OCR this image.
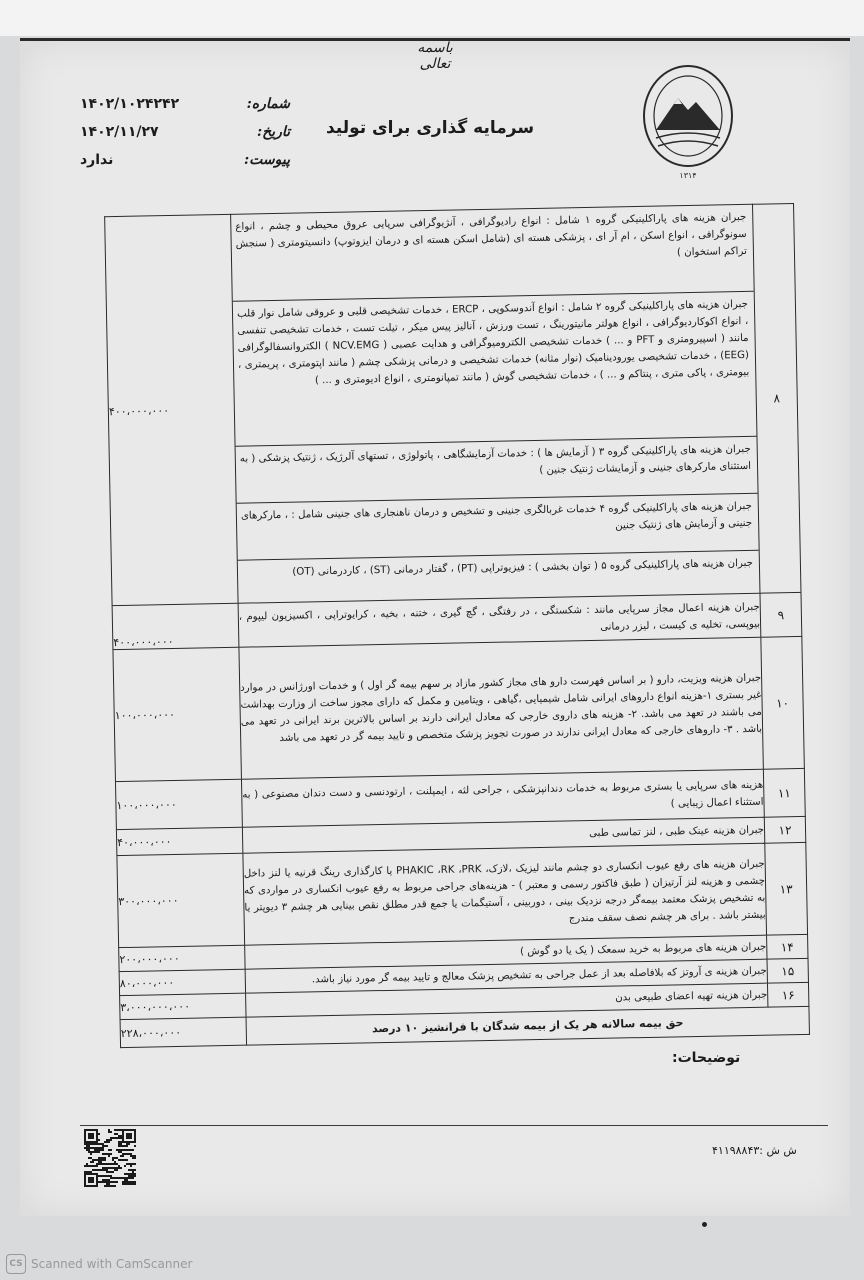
باسمه تعالی
۱۳۱۴
سرمایه گذاری برای تولید
شماره:
۱۴۰۲/۱۰۲۴۲۴۲
تاریخ:
۱۴۰۲/۱۱/۲۷
پیوست:
ندارد
۸	جبران هزینه های پاراکلینیکی گروه ۱ شامل : انواع رادیوگرافی ، آنژیوگرافی سرپایی عروق محیطی و چشم ، انواع سونوگرافی ، انواع اسکن ، ام آر ای ، پزشکی هسته ای (شامل اسکن هسته ای و درمان ایزوتوپ) دانسیتومتری ( سنجش تراکم استخوان )
جبران هزینه های پاراکلینیکی گروه ۲ شامل : انواع آندوسکوپی ، ERCP ، خدمات تشخیصی قلبی و عروقی شامل نوار قلب ، انواع اکوکاردیوگرافی ، انواع هولتر مانیتورینگ ، تست ورزش ، آنالیز پیس میکر ، تیلت تست ، خدمات تشخیصی تنفسی مانند ( اسپیرومتری و PFT و ... ) خدمات تشخیصی الکترومیوگرافی و هدایت عصبی ( NCV.EMG ) الکتروانسفالوگرافی (EEG) ، خدمات تشخیصی یورودینامیک (نوار مثانه) خدمات تشخیصی و درمانی پزشکی چشم ( مانند اپتومتری ، پریمتری ، بیومتری ، پاکی متری ، پنتاکم و ... ) ، خدمات تشخیصی گوش ( مانند تمپانومتری ، انواع ادیومتری و ... )
جبران هزینه های پاراکلینیکی گروه ۳ ( آزمایش ها ) : خدمات آزمایشگاهی ، پاتولوژی ، تستهای آلرژیک ، ژنتیک پزشکی ( به استثنای مارکرهای جنینی و آزمایشات ژنتیک جنین )
جبران هزینه های پاراکلینیکی گروه ۴ خدمات غربالگری جنینی و تشخیص و درمان ناهنجاری های جنینی شامل : ، مارکرهای جنینی و آزمایش های ژنتیک جنین
جبران هزینه های پاراکلینیکی گروه ۵ ( توان بخشی ) : فیزیوتراپی (PT) ، گفتار درمانی (ST) ، کاردرمانی (OT)	۴۰۰،۰۰۰،۰۰۰
۹	جبران هزینه اعمال مجاز سرپایی مانند : شکستگی ، در رفتگی ، گچ گیری ، ختنه ، بخیه ، کرایوتراپی ، اکسیزیون لیپوم ، بیوپسی، تخلیه ی کیست ، لیزر درمانی	۴۰۰،۰۰۰،۰۰۰
۱۰	جبران هزینه ویزیت، دارو ( بر اساس فهرست دارو های مجاز کشور مازاد بر سهم بیمه گر اول ) و خدمات اورژانس در موارد غیر بستری ۱-هزینه انواع داروهای ایرانی شامل شیمیایی ،گیاهی ، ویتامین و مکمل که دارای مجوز ساخت از وزارت بهداشت می باشند در تعهد می باشد. ۲- هزینه های داروی خارجی که معادل ایرانی دارند بر اساس بالاترین برند ایرانی در تعهد می باشد . ۳- داروهای خارجی که معادل ایرانی ندارند در صورت تجویز پزشک متخصص و تایید بیمه گر در تعهد می باشد	۱۰۰،۰۰۰،۰۰۰
۱۱	هزینه های سرپایی یا بستری مربوط به خدمات دندانپزشکی ، جراحی لثه ، ایمپلنت ، ارتودنسی و دست دندان مصنوعی ( به استثناء اعمال زیبایی )	۱۰۰،۰۰۰،۰۰۰
۱۲	جبران هزینه عینک طبی ، لنز تماسی طبی	۴۰،۰۰۰،۰۰۰
۱۳	جبران هزینه های رفع عیوب انکساری دو چشم مانند لیزیک ،لازک، PHAKIC ،RK ،PRK یا کارگذاری رینگ قرنیه یا لنز داخل چشمی و هزینه لنز آرتیزان ( طبق فاکتور رسمی و معتبر ) - هزینه‌های جراحی مربوط به رفع عیوب انکساری در مواردی که به تشخیص پزشک معتمد بیمه‌گر درجه نزدیک بینی ، دوربینی ، آستیگمات یا جمع قدر مطلق نقص بینایی هر چشم ۳ دیوپتر یا بیشتر باشد . برای هر چشم نصف سقف مندرج	۳۰۰،۰۰۰،۰۰۰
۱۴	جبران هزینه های مربوط به خرید سمعک ( یک یا دو گوش )	۲۰۰،۰۰۰،۰۰۰
۱۵	جبران هزینه ی آروتز که بلافاصله بعد از عمل جراحی به تشخیص پزشک معالج و تایید بیمه گر مورد نیاز باشد.	۸۰،۰۰۰،۰۰۰
۱۶	جبران هزینه تهیه اعضای طبیعی بدن	۳،۰۰۰،۰۰۰،۰۰۰
حق بیمه سالانه هر یک از بیمه شدگان با فرانشیز ۱۰ درصد		۲۲۸،۰۰۰،۰۰۰
توضیحات:
ش ش :۴۱۱۹۸۸۴۳
CS Scanned with CamScanner
